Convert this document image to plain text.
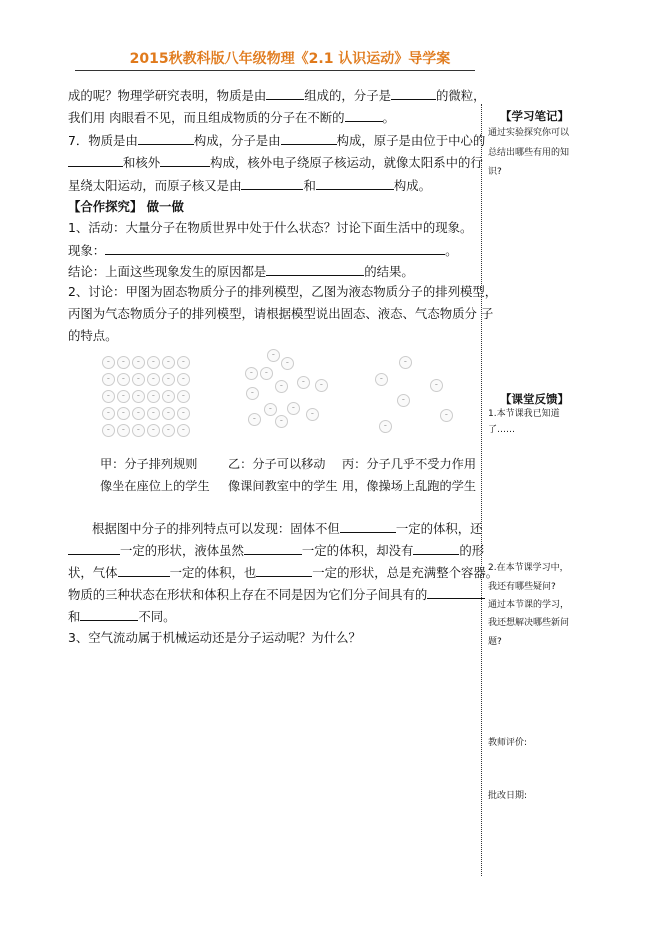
2015秋教科版八年级物理《2.1 认识运动》导学案
成的呢？物理学研究表明，物质是由	组成的，分子是	的微粒，
我们用 肉眼看不见，而且组成物质的分子在不断的	。
7．物质是由	构成，分子是由	构成，原子是由位于中心的
和核外	构成，核外电子绕原子核运动，就像太阳系中的行
星绕太阳运动，而原子核又是由	和	构成。
【合作探究】 做一做
1、活动：大量分子在物质世界中处于什么状态？讨论下面生活中的现象。
现象：	。
结论：上面这些现象发生的原因都是	的结果。
2、讨论：甲图为固态物质分子的排列模型，乙图为液态物质分子的排列模型，
丙图为气态物质分子的排列模型，请根据模型说出固态、液态、气态物质分 子
的特点。
ᵕ	ᵕ	ᵕ	ᵕ	ᵕ	ᵕ
ᵕ	ᵕ	ᵕ	ᵕ	ᵕ	ᵕ
ᵕ	ᵕ	ᵕ	ᵕ	ᵕ	ᵕ
ᵕ	ᵕ	ᵕ	ᵕ	ᵕ	ᵕ
ᵕ	ᵕ	ᵕ	ᵕ	ᵕ	ᵕ
ᵕ
ᵕ
ᵕ	ᵕ
ᵕ
ᵕ	ᵕ
ᵕ
ᵕ	ᵕ
ᵕ
ᵕ	ᵕ
ᵕ
ᵕ
ᵕ
ᵕ
ᵕ
ᵕ
甲：分子排列规则
像坐在座位上的学生
乙：分子可以移动
像课间教室中的学生
丙：分子几乎不受力作用
用，像操场上乱跑的学生
根据图中分子的排列特点可以发现：固体不但	一定的体积，还
一定的形状，液体虽然	一定的体积，却没有	的形
状，气体	一定的体积，也	一定的形状，总是充满整个容器。
物质的三种状态在形状和体积上存在不同是因为它们分子间具有的
和	不同。
3、空气流动属于机械运动还是分子运动呢？为什么？
【学习笔记】
通过实验探究你可以
总结出哪些有用的知
识?
【课堂反馈】
1.本节课我已知道
了……
2.在本节课学习中，
我还有哪些疑问?
通过本节课的学习，
我还想解决哪些新问
题?
教师评价:
批改日期:
